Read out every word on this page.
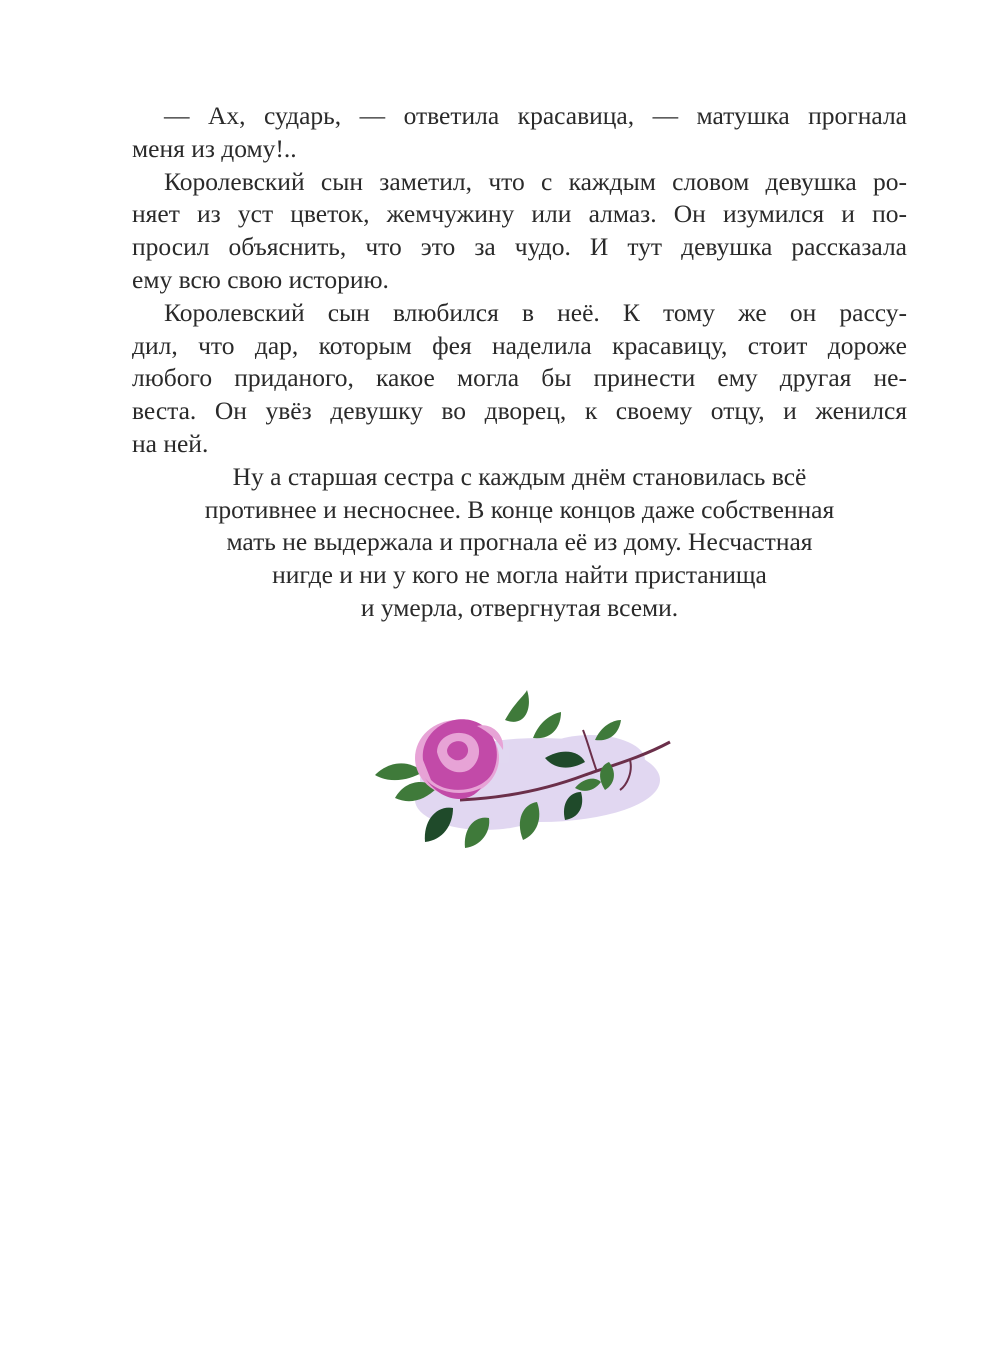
— Ах, сударь, — ответила красавица, — матушка прогнала
меня из дому!..

Королевский сын заметил, что с каждым словом девушка ро-
няет из уст цветок, жемчужину или алмаз. Он изумился и по-
просил объяснить, что это за чудо. И тут девушка рассказала
ему всю свою историю.

Королевский сын влюбился в неё. К тому же он рассу-
дил, что дар, которым фея наделила красавицу, стоит дороже
любого приданого, какое могла бы принести ему другая не-
веста. Он увёз девушку во дворец, к своему отцу, и женился
на ней.

Ну а старшая сестра с каждым днём становилась всё
противнее и несноснее. В конце концов даже собственная
мать не выдержала и прогнала её из дому. Несчастная
нигде и ни у кого не могла найти пристанища
и умерла, отвергнутая всеми.
